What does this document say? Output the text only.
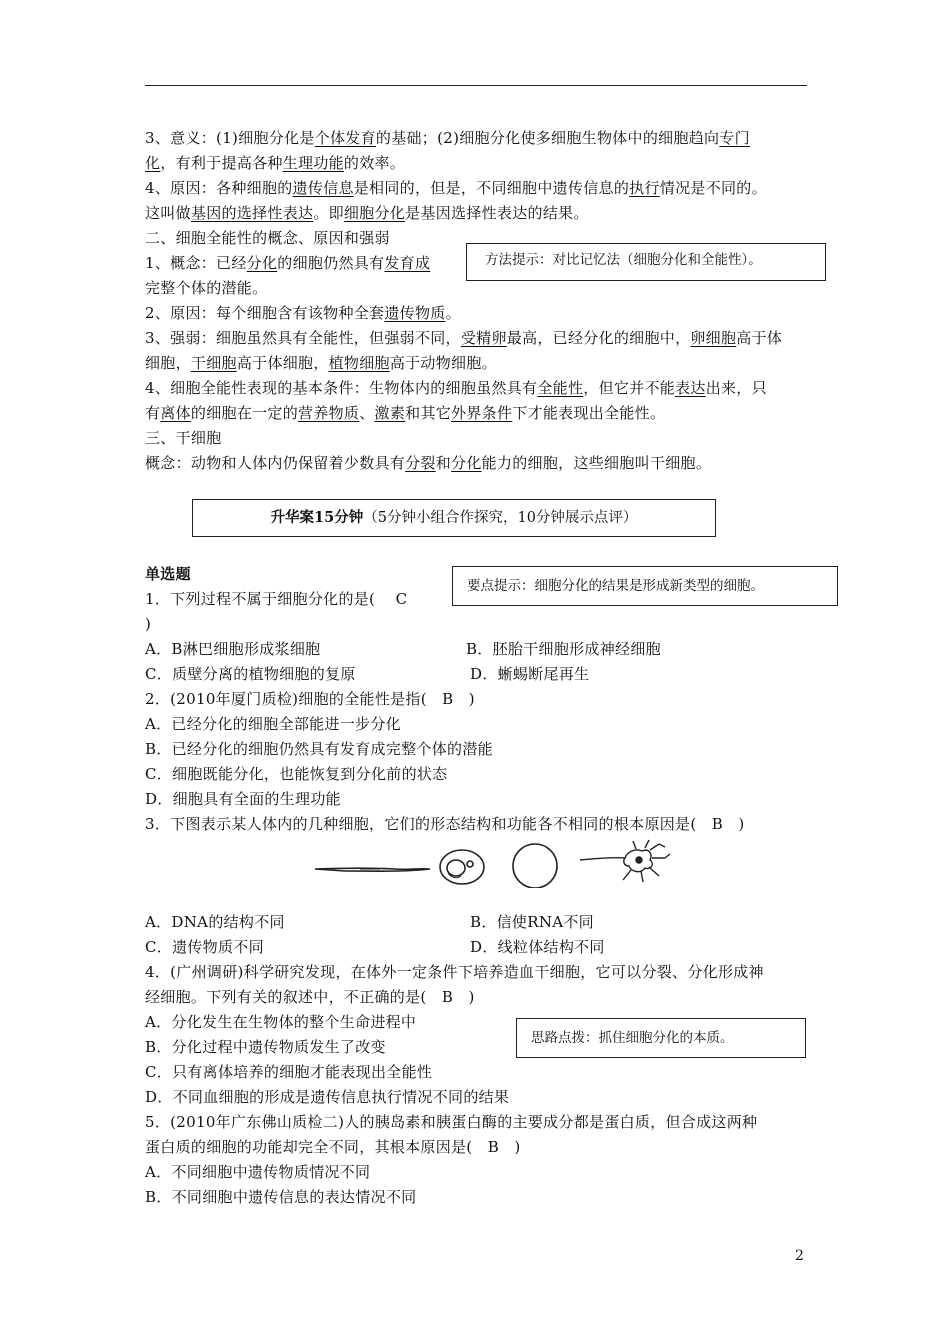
3、意义：(1)细胞分化是个体发育的基础；(2)细胞分化使多细胞生物体中的细胞趋向专门
化，有利于提高各种生理功能的效率。
4、原因：各种细胞的遗传信息是相同的，但是，不同细胞中遗传信息的执行情况是不同的。
这叫做基因的选择性表达。即细胞分化是基因选择性表达的结果。
二、细胞全能性的概念、原因和强弱
1、概念：已经分化的细胞仍然具有发育成
完整个体的潜能。
2、原因：每个细胞含有该物种全套遗传物质。
3、强弱：细胞虽然具有全能性，但强弱不同，受精卵最高，已经分化的细胞中，卵细胞高于体
细胞，干细胞高于体细胞，植物细胞高于动物细胞。
4、细胞全能性表现的基本条件：生物体内的细胞虽然具有全能性，但它并不能表达出来，只
有离体的细胞在一定的营养物质、激素和其它外界条件下才能表现出全能性。
三、干细胞
概念：动物和人体内仍保留着少数具有分裂和分化能力的细胞，这些细胞叫干细胞。
方法提示：对比记忆法（细胞分化和全能性）。
升华案15分钟（5分钟小组合作探究，10分钟展示点评）
要点提示：细胞分化的结果是形成新类型的细胞。
单选题
1．下列过程不属于细胞分化的是(　 C
)
A．B淋巴细胞形成浆细胞	B．胚胎干细胞形成神经细胞
C．质壁分离的植物细胞的复原	D．蜥蜴断尾再生
2．(2010年厦门质检)细胞的全能性是指(　B　)
A．已经分化的细胞全部能进一步分化
B．已经分化的细胞仍然具有发育成完整个体的潜能
C．细胞既能分化，也能恢复到分化前的状态
D．细胞具有全面的生理功能
3．下图表示某人体内的几种细胞，它们的形态结构和功能各不相同的根本原因是(　B　)
A．DNA的结构不同	B．信使RNA不同
C．遗传物质不同	D．线粒体结构不同
4．(广州调研)科学研究发现，在体外一定条件下培养造血干细胞，它可以分裂、分化形成神
经细胞。下列有关的叙述中，不正确的是(　B　)
A．分化发生在生物体的整个生命进程中
B．分化过程中遗传物质发生了改变
C．只有离体培养的细胞才能表现出全能性
D．不同血细胞的形成是遗传信息执行情况不同的结果
5．(2010年广东佛山质检二)人的胰岛素和胰蛋白酶的主要成分都是蛋白质，但合成这两种
蛋白质的细胞的功能却完全不同，其根本原因是(　B　)
A．不同细胞中遗传物质情况不同
B．不同细胞中遗传信息的表达情况不同
思路点拨：抓住细胞分化的本质。
2
